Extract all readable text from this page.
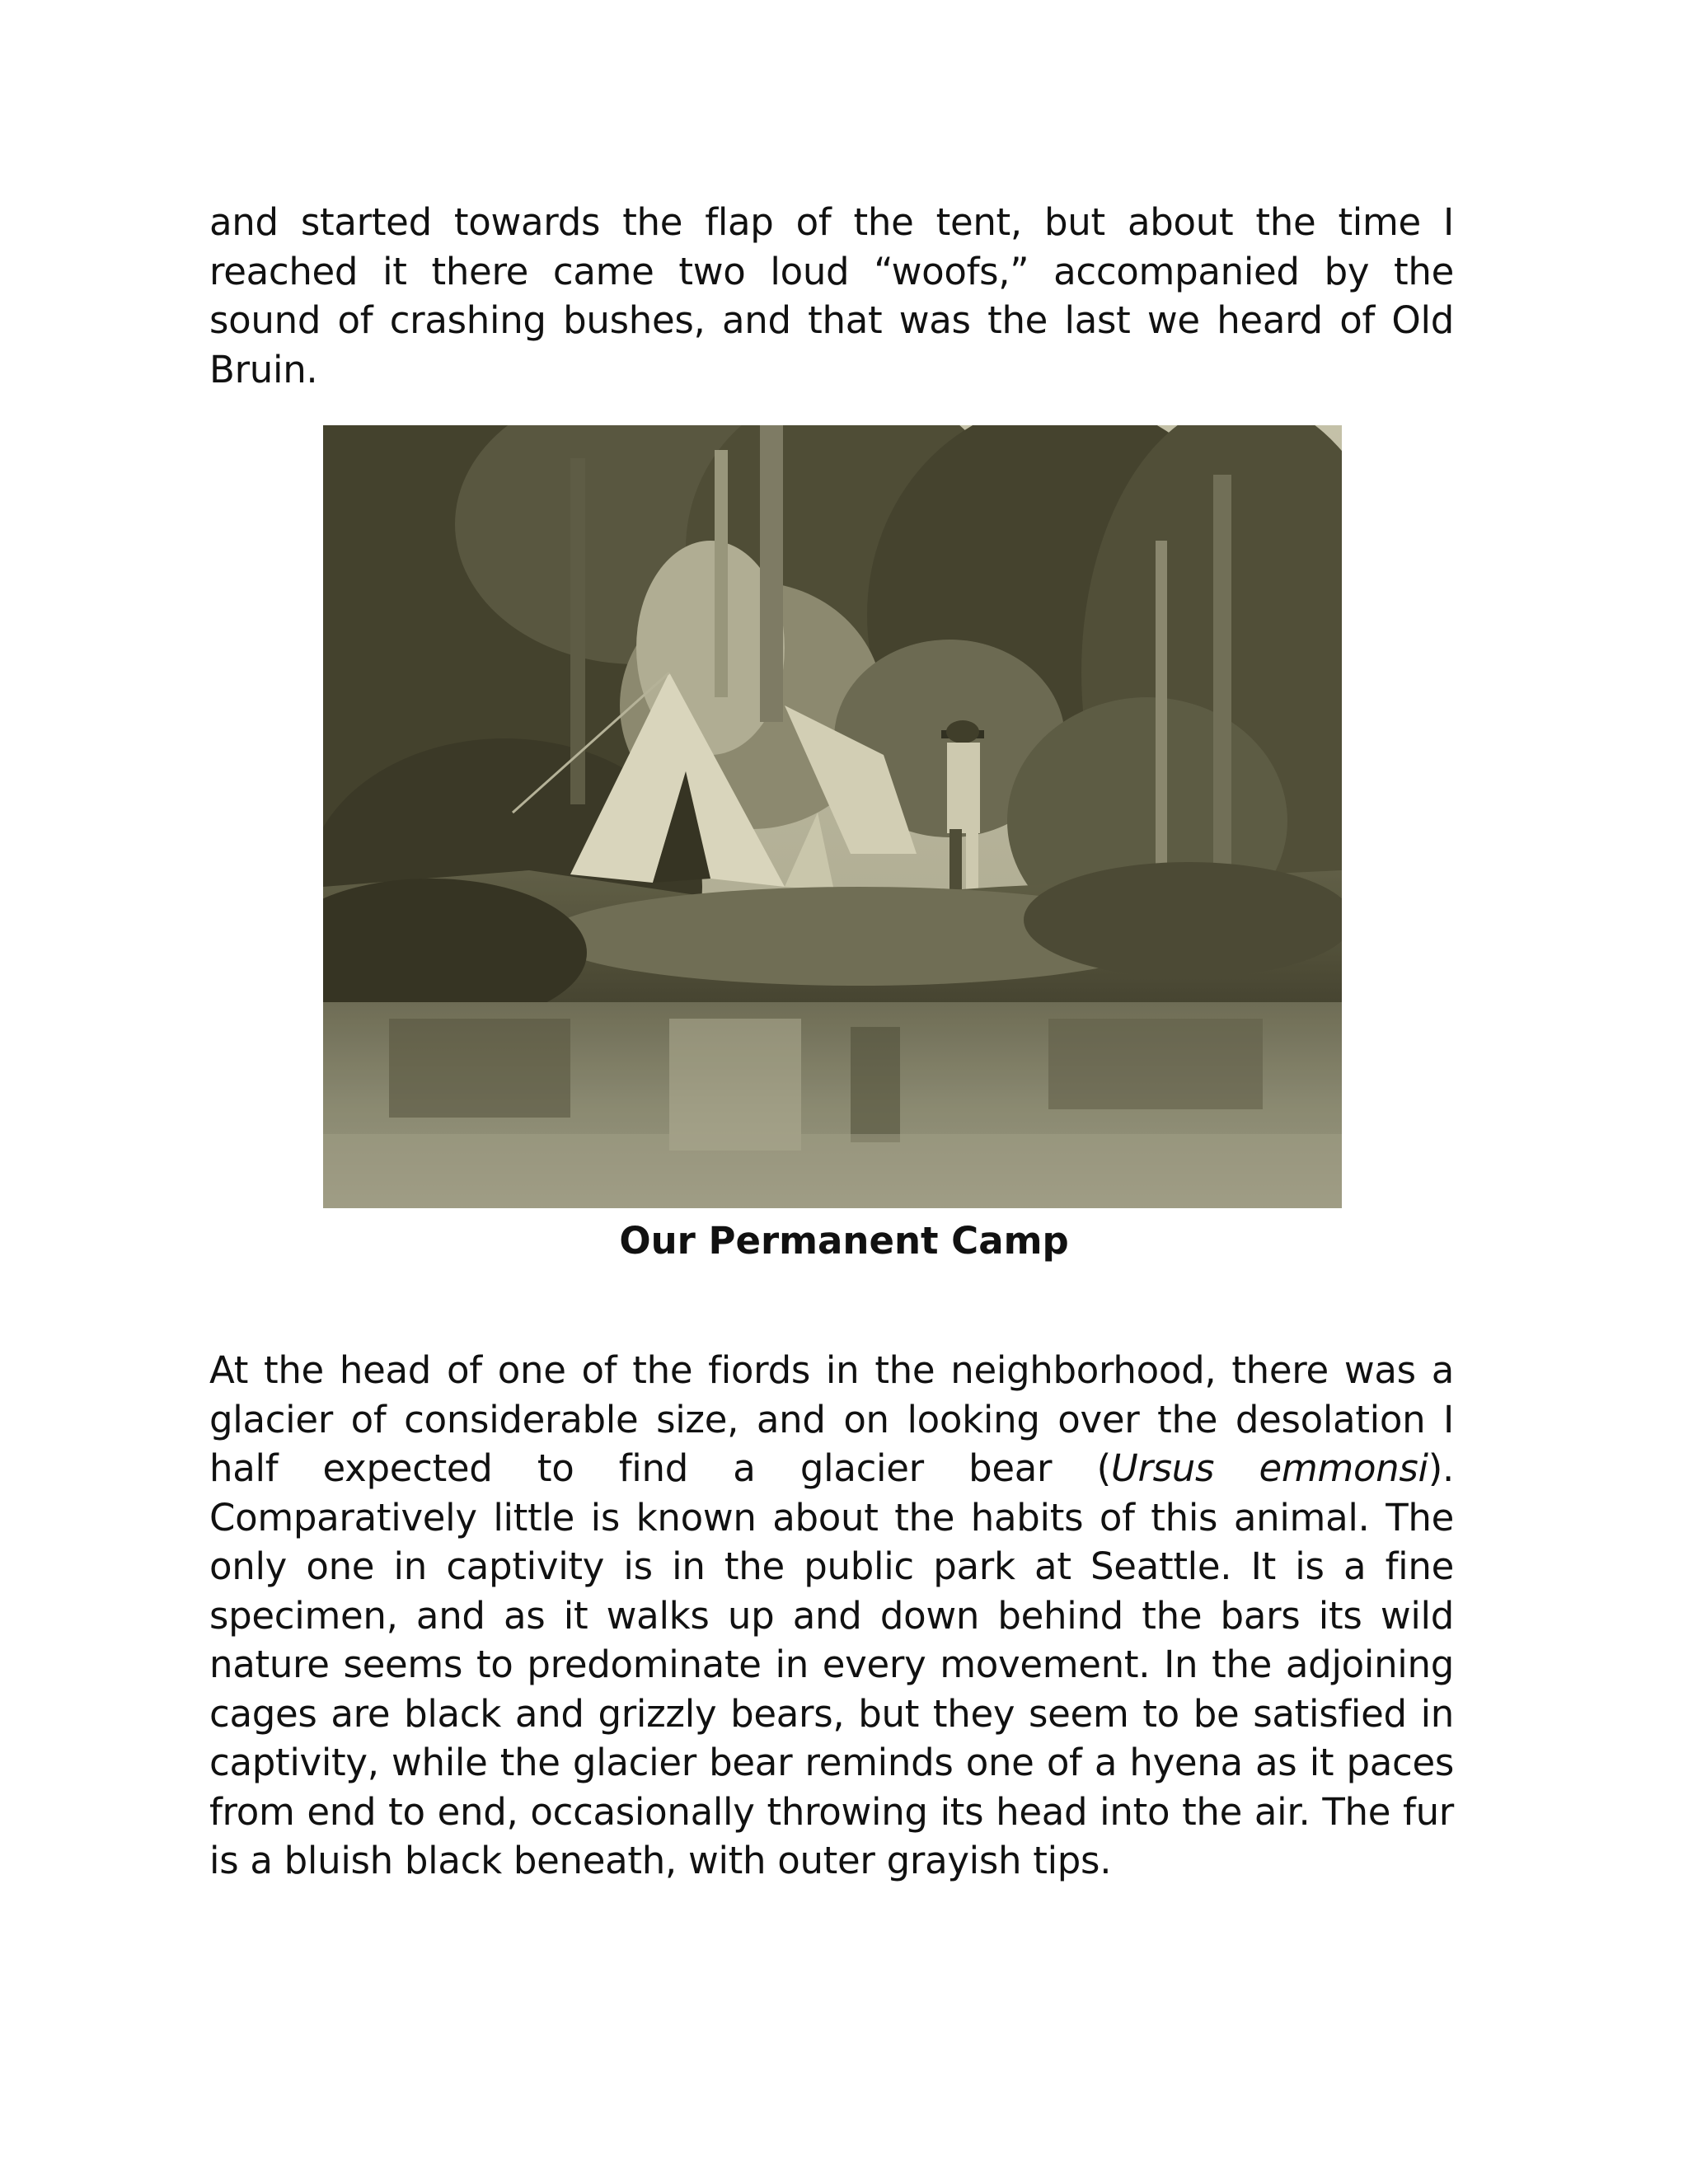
and started towards the flap of the tent, but about the time I reached it there came two loud “woofs,” accompanied by the sound of crashing bushes, and that was the last we heard of Old Bruin.

Our Permanent Camp

At the head of one of the fiords in the neighborhood, there was a glacier of considerable size, and on looking over the desolation I half expected to find a glacier bear (Ursus emmonsi). Comparatively little is known about the habits of this animal. The only one in captivity is in the public park at Seattle. It is a fine specimen, and as it walks up and down behind the bars its wild nature seems to predominate in every movement. In the adjoining cages are black and grizzly bears, but they seem to be satisfied in captivity, while the glacier bear reminds one of a hyena as it paces from end to end, occasionally throwing its head into the air. The fur is a bluish black beneath, with outer grayish tips.
